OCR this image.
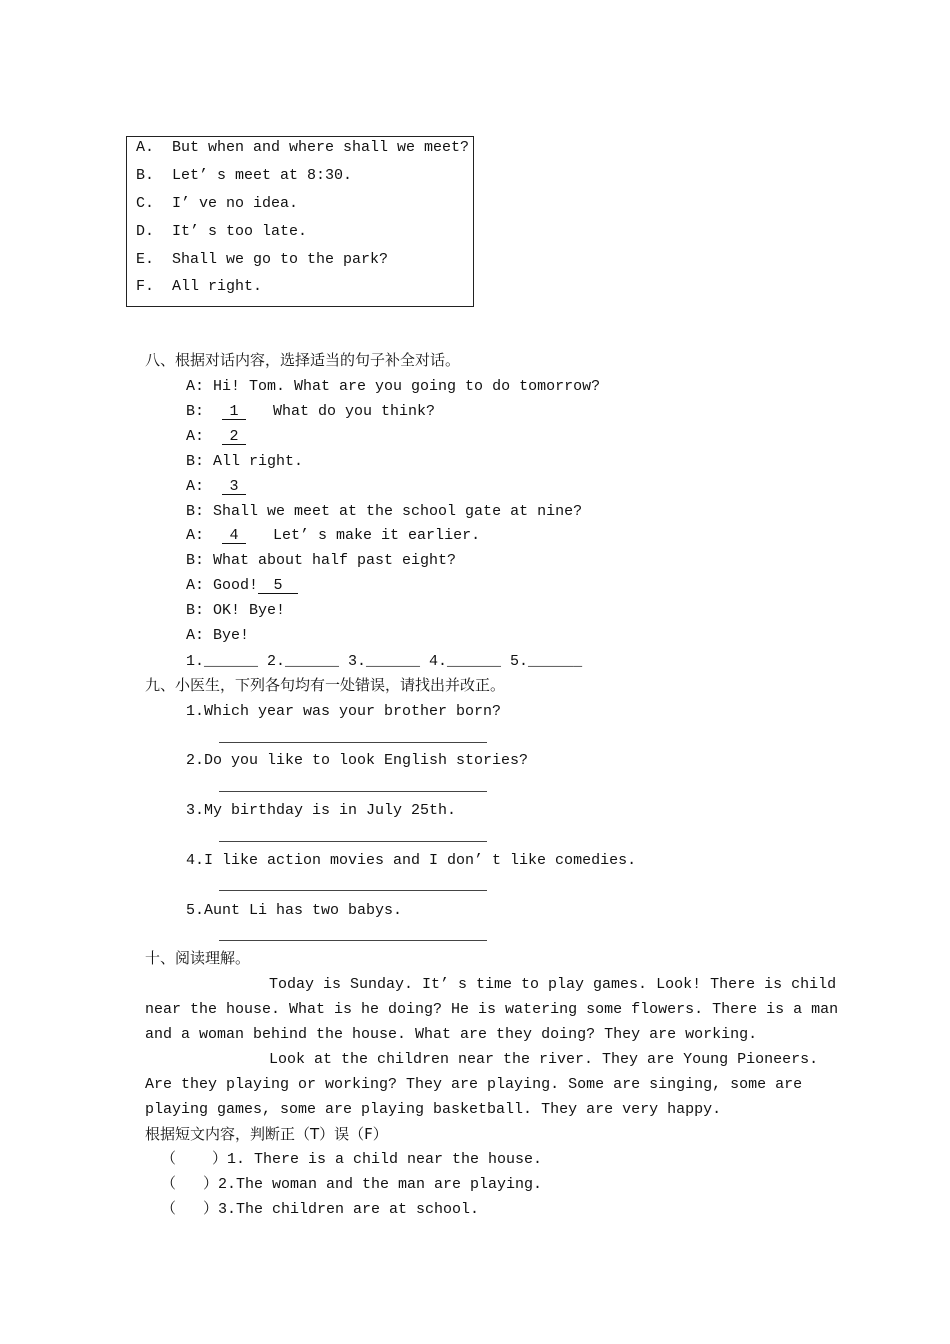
A.  But when and where shall we meet?
B.  Let’ s meet at 8:30.
C.  I’ ve no idea.
D.  It’ s too late.
E.  Shall we go to the park?
F.  All right.
八、根据对话内容，选择适当的句子补全对话。
A: Hi! Tom. What are you going to do tomorrow?
B: 1   What do you think?
A: 2
B: All right.
A: 3
B: Shall we meet at the school gate at nine?
A: 4   Let’ s make it earlier.
B: What about half past eight?
A: Good! 5
B: OK! Bye!
A: Bye!
1.______ 2.______ 3.______ 4.______ 5.______
九、小医生，下列各句均有一处错误，请找出并改正。
1.Which year was your brother born?
2.Do you like to look English stories?
3.My birthday is in July 25th.
4.I like action movies and I don’ t like comedies.
5.Aunt Li has two babys.
十、阅读理解。
Today is Sunday. It’ s time to play games. Look! There is child
near the house. What is he doing? He is watering some flowers. There is a man
and a woman behind the house. What are they doing? They are working.
Look at the children near the river. They are Young Pioneers.
Are they playing or working? They are playing. Some are singing, some are
playing games, some are playing basketball. They are very happy.
根据短文内容，判断正（T）误（F）
（    ）1. There is a child near the house.
（   ）2.The woman and the man are playing.
（   ）3.The children are at school.
